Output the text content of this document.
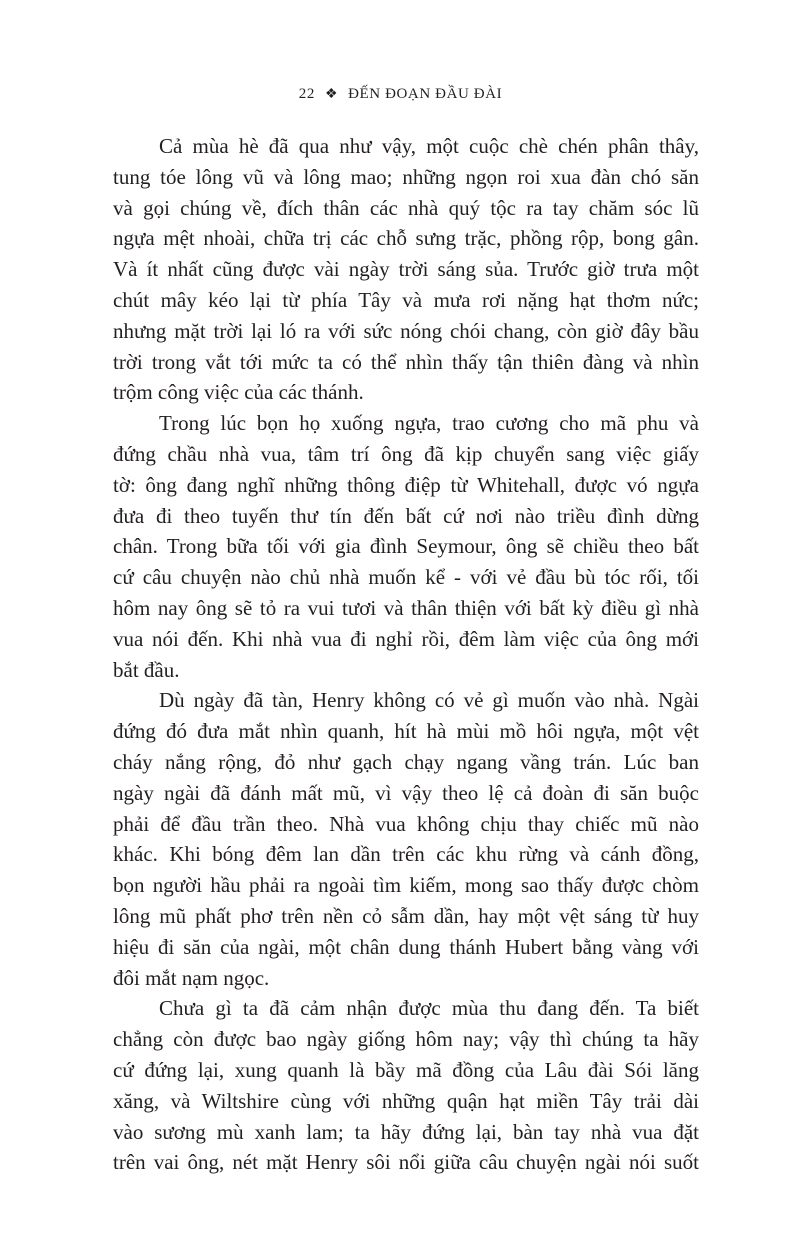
22 ❖ ĐẾN ĐOẠN ĐẦU ĐÀI

Cả mùa hè đã qua như vậy, một cuộc chè chén phân thây,
tung tóe lông vũ và lông mao; những ngọn roi xua đàn chó săn
và gọi chúng về, đích thân các nhà quý tộc ra tay chăm sóc lũ
ngựa mệt nhoài, chữa trị các chỗ sưng trặc, phồng rộp, bong gân.
Và ít nhất cũng được vài ngày trời sáng sủa. Trước giờ trưa một
chút mây kéo lại từ phía Tây và mưa rơi nặng hạt thơm nức;
nhưng mặt trời lại ló ra với sức nóng chói chang, còn giờ đây bầu
trời trong vắt tới mức ta có thể nhìn thấy tận thiên đàng và nhìn
trộm công việc của các thánh.

Trong lúc bọn họ xuống ngựa, trao cương cho mã phu và
đứng chầu nhà vua, tâm trí ông đã kịp chuyển sang việc giấy
tờ: ông đang nghĩ những thông điệp từ Whitehall, được vó ngựa
đưa đi theo tuyến thư tín đến bất cứ nơi nào triều đình dừng
chân. Trong bữa tối với gia đình Seymour, ông sẽ chiều theo bất
cứ câu chuyện nào chủ nhà muốn kể - với vẻ đầu bù tóc rối, tối
hôm nay ông sẽ tỏ ra vui tươi và thân thiện với bất kỳ điều gì nhà
vua nói đến. Khi nhà vua đi nghỉ rồi, đêm làm việc của ông mới
bắt đầu.

Dù ngày đã tàn, Henry không có vẻ gì muốn vào nhà. Ngài
đứng đó đưa mắt nhìn quanh, hít hà mùi mồ hôi ngựa, một vệt
cháy nắng rộng, đỏ như gạch chạy ngang vầng trán. Lúc ban
ngày ngài đã đánh mất mũ, vì vậy theo lệ cả đoàn đi săn buộc
phải để đầu trần theo. Nhà vua không chịu thay chiếc mũ nào
khác. Khi bóng đêm lan dần trên các khu rừng và cánh đồng,
bọn người hầu phải ra ngoài tìm kiếm, mong sao thấy được chòm
lông mũ phất phơ trên nền cỏ sẫm dần, hay một vệt sáng từ huy
hiệu đi săn của ngài, một chân dung thánh Hubert bằng vàng với
đôi mắt nạm ngọc.

Chưa gì ta đã cảm nhận được mùa thu đang đến. Ta biết
chẳng còn được bao ngày giống hôm nay; vậy thì chúng ta hãy
cứ đứng lại, xung quanh là bầy mã đồng của Lâu đài Sói lăng
xăng, và Wiltshire cùng với những quận hạt miền Tây trải dài
vào sương mù xanh lam; ta hãy đứng lại, bàn tay nhà vua đặt
trên vai ông, nét mặt Henry sôi nổi giữa câu chuyện ngài nói suốt
